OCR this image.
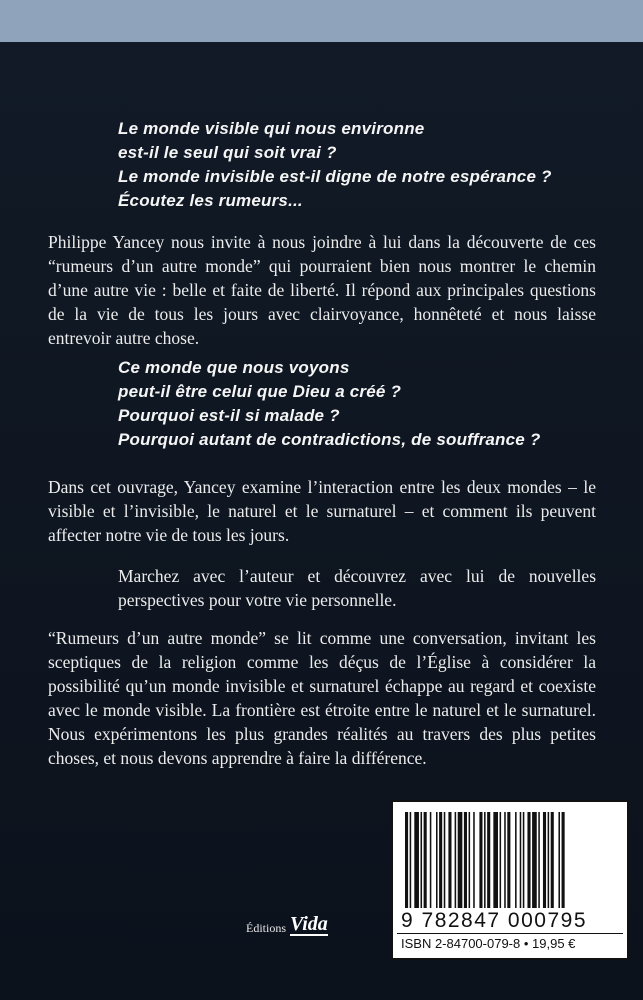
Le monde visible qui nous environne
est-il le seul qui soit vrai ?
Le monde invisible est-il digne de notre espérance ?
Écoutez les rumeurs...
Philippe Yancey nous invite à nous joindre à lui dans la découverte de ces “rumeurs d’un autre monde” qui pourraient bien nous montrer le chemin d’une autre vie : belle et faite de liberté. Il répond aux principales questions de la vie de tous les jours avec clairvoyance, honnêteté et nous laisse entrevoir autre chose.
Ce monde que nous voyons
peut-il être celui que Dieu a créé ?
Pourquoi est-il si malade ?
Pourquoi autant de contradictions, de souffrance ?
Dans cet ouvrage, Yancey examine l’interaction entre les deux mondes – le visible et l’invisible, le naturel et le surnaturel – et comment ils peuvent affecter notre vie de tous les jours.
Marchez avec l’auteur et découvrez avec lui de nouvelles perspectives pour votre vie personnelle.
“Rumeurs d’un autre monde” se lit comme une conversation, invitant les sceptiques de la religion comme les déçus de l’Église à considérer la possibilité qu’un monde invisible et surnaturel échappe au regard et coexiste avec le monde visible. La frontière est étroite entre le naturel et le surnaturel. Nous expérimentons les plus grandes réalités au travers des plus petites choses, et nous devons apprendre à faire la différence.
Éditions Vida	9 782847 000795
ISBN 2-84700-079-8 • 19,95 €
